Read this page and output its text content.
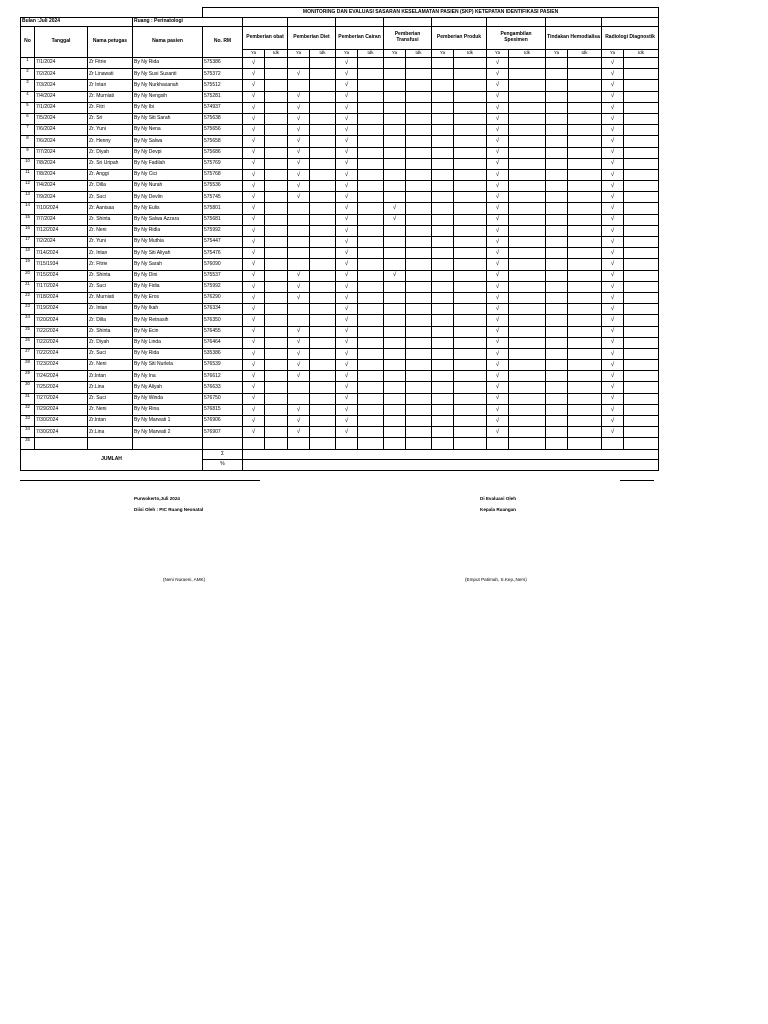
				MONITORING DAN EVALUASI SASARAN KESELAMATAN PASIEN (SKP) KETEPATAN IDENTIFIKASI PASIEN																
Bulan :Juli 2024			Ruang : Perinatologi																	
No	Tanggal	Nama petugas	Nama pasien	No. RM	Pemberian obat		Pemberian Diet		Pemberian Cairan		Pemberian Transfusi		Pemberian Produk		Pengambilan Spesimen		Tindakan Hemodialisa		Radiologi Diagnostik	
					Ya	tdk	Ya	tdk	Ya	tdk	Ya	tdk	Ya	tdk	Ya	tdk	Ya	tdk	Ya	tdk
1	7/1/2024	Zr Fitrie	By Ny Rida	575386	√				√						√				√	
2	7/2/2024	Zr Linawati	By Ny Susi Susanti	575372	√		√		√						√				√	
3	7/3/2024	Zr Intan	By Ny Nurkhasanah	575512	√				√						√				√	
4	7/4/2024	Zr. Murniati	By Ny Nengsih	575281	√		√		√						√				√	
5	7/1/2024	Zr. Fitri	By Ny Ibi	574937	√		√		√						√				√	
6	7/5/2024	Zr. Sri	By Ny Siti Sarah	575638	√		√		√						√				√	
7	7/6/2024	Zr. Yuni	By Ny Nena	575656	√		√		√						√				√	
8	7/6/2024	Zr. Henny	By Ny Salwa	575658	√		√		√						√				√	
9	7/7/2024	Zr. Diyah	By Ny Devpi	575686	√		√		√						√				√	
10	7/8/2024	Zr. Sri Uripah	By Ny Fadilah	575769	√		√		√						√				√	
11	7/8/2024	Zr. Anggi	By Ny Cici	575768	√		√		√						√				√	
12	7/4/2024	Zr. Dilla	By Ny Nurah	575536	√		√		√						√				√	
13	7/9/2024	Zr. Suci	By Ny Devlin	575745	√		√		√						√				√	
14	7/10/2024	Zr. Aanisaa	By Ny Eulis	575801	√				√		√				√				√	
15	7/7/2024	Zr. Shinta	By Ny Salwa Azzara	575681	√				√		√				√				√	
16	7/12/2024	Zr. Neni	By Ny Ridla	575992	√				√						√				√	
17	7/2/2024	Zr. Yuni	By Ny Muthia	575447	√				√						√				√	
18	7/14/2024	Zr. Intan	By Ny Siti Aliyah	575476	√				√						√				√	
19	7/15/1934	Zr. Fitrie	By Ny Sarah	576090	√				√						√				√	
20	7/15/2024	Zr. Shinta	By Ny Dini	575537	√		√		√		√				√				√	
21	7/17/2024	Zr. Suci	By Ny Fidia	575992	√		√		√						√				√	
22	7/18/2024	Zr. Murniati	By Ny Eros	576290	√		√		√						√				√	
23	7/19/2024	Zr. Intan	By Ny Ikah	576334	√				√						√				√	
24	7/20/2024	Zr. Dilla	By Ny Retnasih	576350	√				√						√				√	
25	7/22/2024	Zr. Shinta	By Ny Ecin	576455	√		√		√						√				√	
26	7/22/2024	Zr. Diyah	By Ny Linda	576464	√		√		√						√				√	
27	7/22/2024	Zr. Suci	By Ny Rida	535386	√		√		√						√				√	
28	7/23/2024	Zr. Neni	By Ny Siti Nurlela	576539	√		√		√						√				√	
29	7/24/2024	Zr.Intan	By Ny Ina	576612	√		√		√						√				√	
30	7/25/2024	Zr.Lina	By Ny Aliyah	576633	√				√						√				√	
31	7/27/2024	Zr. Suci	By Ny Winda	576750	√				√						√				√	
32	7/29/2024	Zr. Neni	By Ny Rina	576815	√		√		√						√				√	
33	7/30/2024	Zr.Intan	By Ny Marwati 1	576906	√		√		√						√				√	
34	7/30/2024	Zr.Lina	By Ny Marwati 2	576907	√		√		√						√				√	
35																				
JUMLAH				Σ																
				%																
Purwokerto,Juli 2024
Diisi Oleh : PIC Ruang Neonatal
Di Evaluasi Oleh
Kepala Ruangan
(Neni Nuraeni, AMK)	(Emput Patimah, S.Kep.,Ners)
